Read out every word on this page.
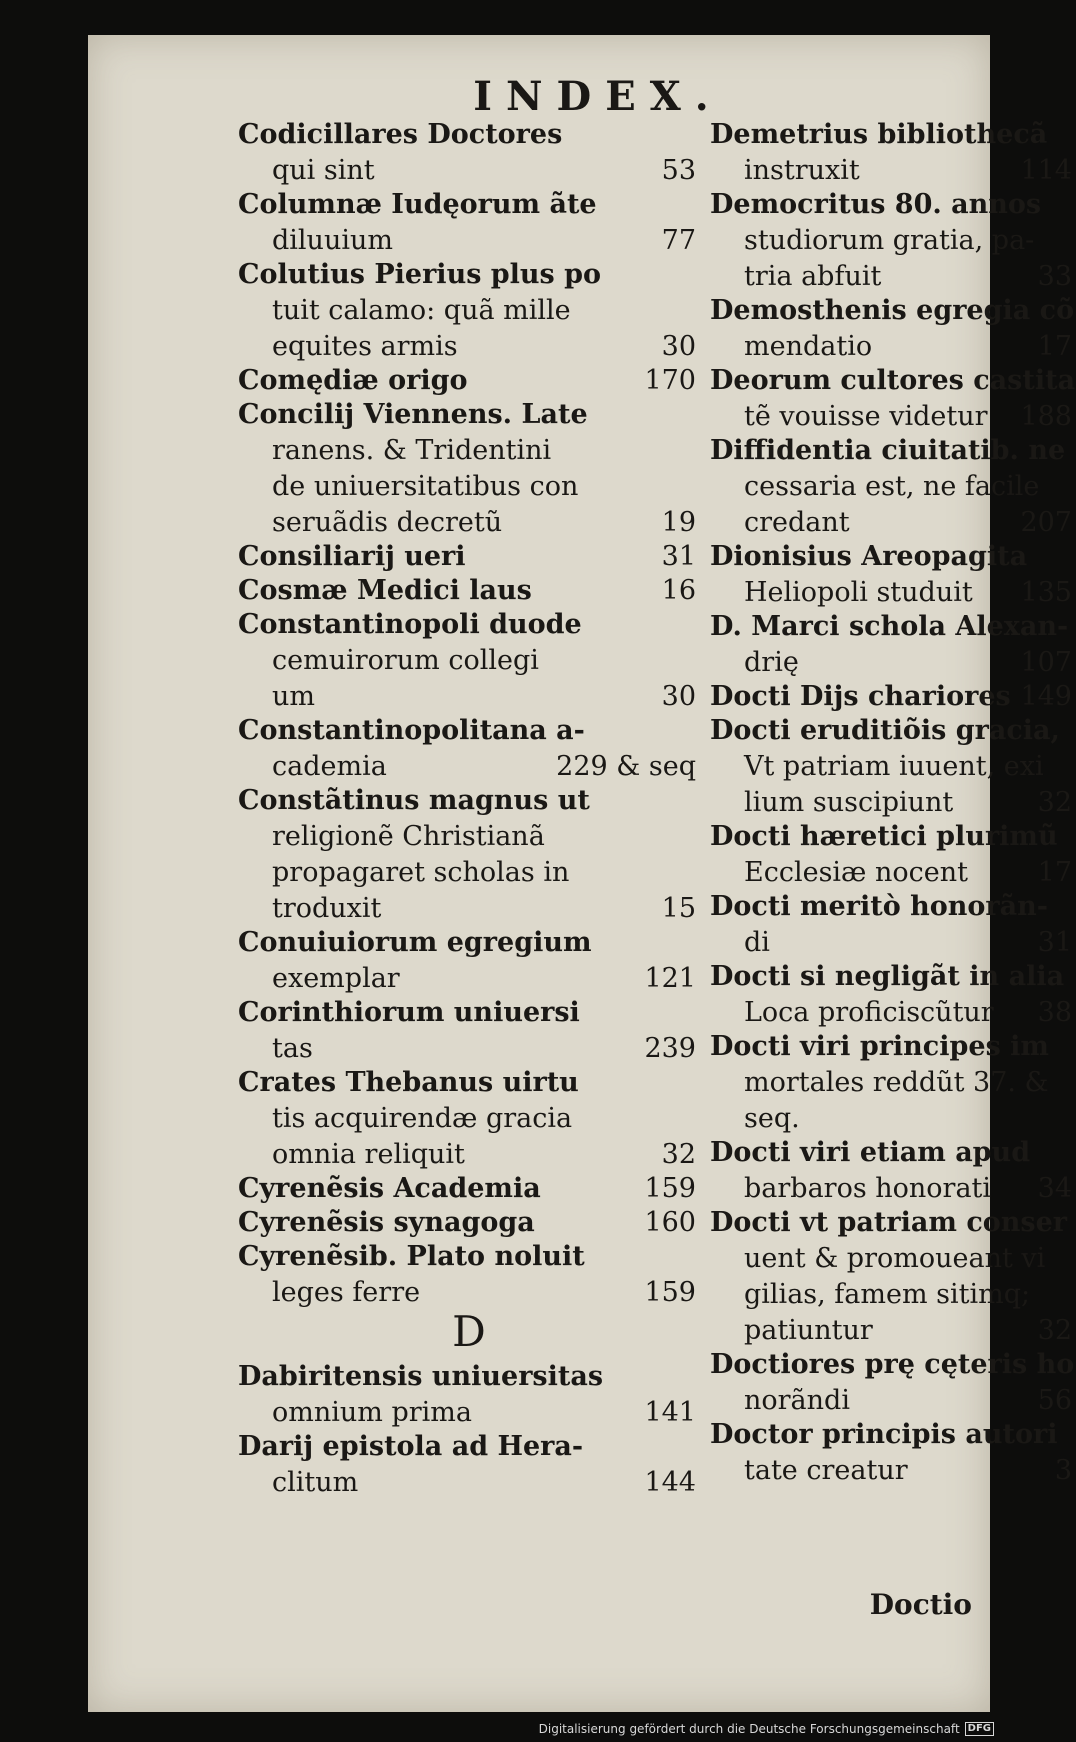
INDEX.
Codicillares Doctores
qui sint	53
Columnæ Iudęorum ãte
diluuium	77
Colutius Pierius plus po
tuit calamo: quã mille
equites armis	30
Comędiæ origo	170
Concilij Viennens. Late
ranens. & Tridentini
de uniuersitatibus con
seruãdis decretũ	19
Consiliarij ueri	31
Cosmæ Medici laus	16
Constantinopoli duode
cemuirorum collegi
um	30
Constantinopolitana a-
cademia	229 & seq
Constãtinus magnus ut
religionẽ Christianã
propagaret scholas in
troduxit	15
Conuiuiorum egregium
exemplar	121
Corinthiorum uniuersi
tas	239
Crates Thebanus uirtu
tis acquirendæ gracia
omnia reliquit	32
Cyrenẽsis Academia	159
Cyrenẽsis synagoga	160
Cyrenẽsib. Plato noluit
leges ferre	159
D
Dabiritensis uniuersitas
omnium prima	141
Darij epistola ad Hera-
clitum	144
Demetrius bibliothecã
instruxit	114
Democritus 80. annos
studiorum gratia, pa-
tria abfuit	33
Demosthenis egregia cõ
mendatio	17
Deorum cultores castita
tẽ vouisse videtur 188
Diffidentia ciuitatib. ne
cessaria est, ne facile
credant	207
Dionisius Areopagita
Heliopoli studuit 135
D. Marci schola Alexan-
drię	107
Docti Dijs chariores 149
Docti eruditiõis gracia,
Vt patriam iuuent, exi
lium suscipiunt	32
Docti hæretici plurimũ
Ecclesiæ nocent	17
Docti meritò honorãn-
di	31
Docti si negligãt in alia
Loca proficiscũtur 38
Docti viri principes im
mortales reddũt 37. &
seq.
Docti viri etiam apud
barbaros honorati 34
Docti vt patriam conser
uent & promoueant vi
gilias, famem sitimq;
patiuntur	32
Doctiores prę cęteris ho
norãndi	56
Doctor principis autori
tate creatur	3
Doctio
Digitalisierung gefördert durch die Deutsche Forschungsgemeinschaft DFG
